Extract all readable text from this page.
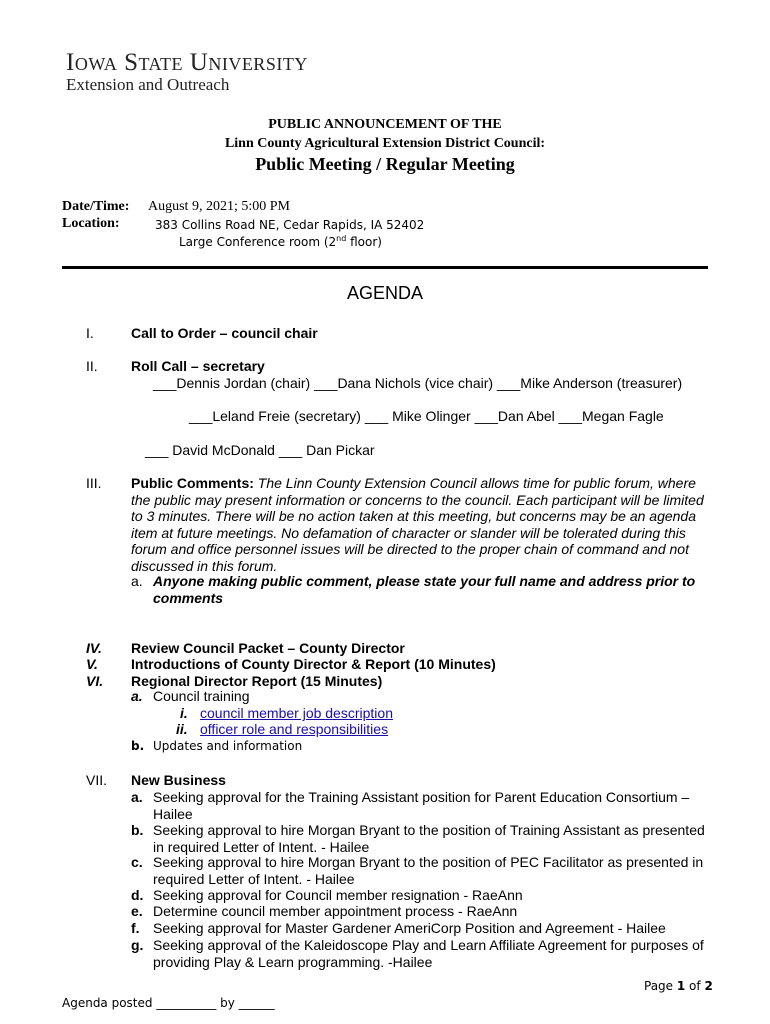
Iowa State University
Extension and Outreach
PUBLIC ANNOUNCEMENT OF THE
Linn County Agricultural Extension District Council:
Public Meeting / Regular Meeting
Date/Time: August 9, 2021; 5:00 PM
Location:	383 Collins Road NE, Cedar Rapids, IA 52402
Large Conference room (2nd floor)
AGENDA
I.	Call to Order – council chair
II. Roll Call – secretary
___Dennis Jordan (chair) ___Dana Nichols (vice chair) ___Mike Anderson (treasurer)
___Leland Freie (secretary) ___ Mike Olinger ___Dan Abel ___Megan Fagle
___ David McDonald ___ Dan Pickar
III. Public Comments: The Linn County Extension Council allows time for public forum, where the public may present information or concerns to the council. Each participant will be limited to 3 minutes. There will be no action taken at this meeting, but concerns may be an agenda item at future meetings. No defamation of character or slander will be tolerated during this forum and office personnel issues will be directed to the proper chain of command and not discussed in this forum.
a. Anyone making public comment, please state your full name and address prior to comments
IV. Review Council Packet – County Director
V. Introductions of County Director & Report (10 Minutes)
VI. Regional Director Report (15 Minutes)
a. Council training
i. council member job description
ii. officer role and responsibilities
b. Updates and information
VII. New Business
a. Seeking approval for the Training Assistant position for Parent Education Consortium – Hailee
b. Seeking approval to hire Morgan Bryant to the position of Training Assistant as presented in required Letter of Intent. - Hailee
c. Seeking approval to hire Morgan Bryant to the position of PEC Facilitator as presented in required Letter of Intent. - Hailee
d. Seeking approval for Council member resignation - RaeAnn
e. Determine council member appointment process - RaeAnn
f. Seeking approval for Master Gardener AmeriCorp Position and Agreement - Hailee
g. Seeking approval of the Kaleidoscope Play and Learn Affiliate Agreement for purposes of providing Play & Learn programming. -Hailee
Page 1 of 2
Agenda posted __________ by ______
